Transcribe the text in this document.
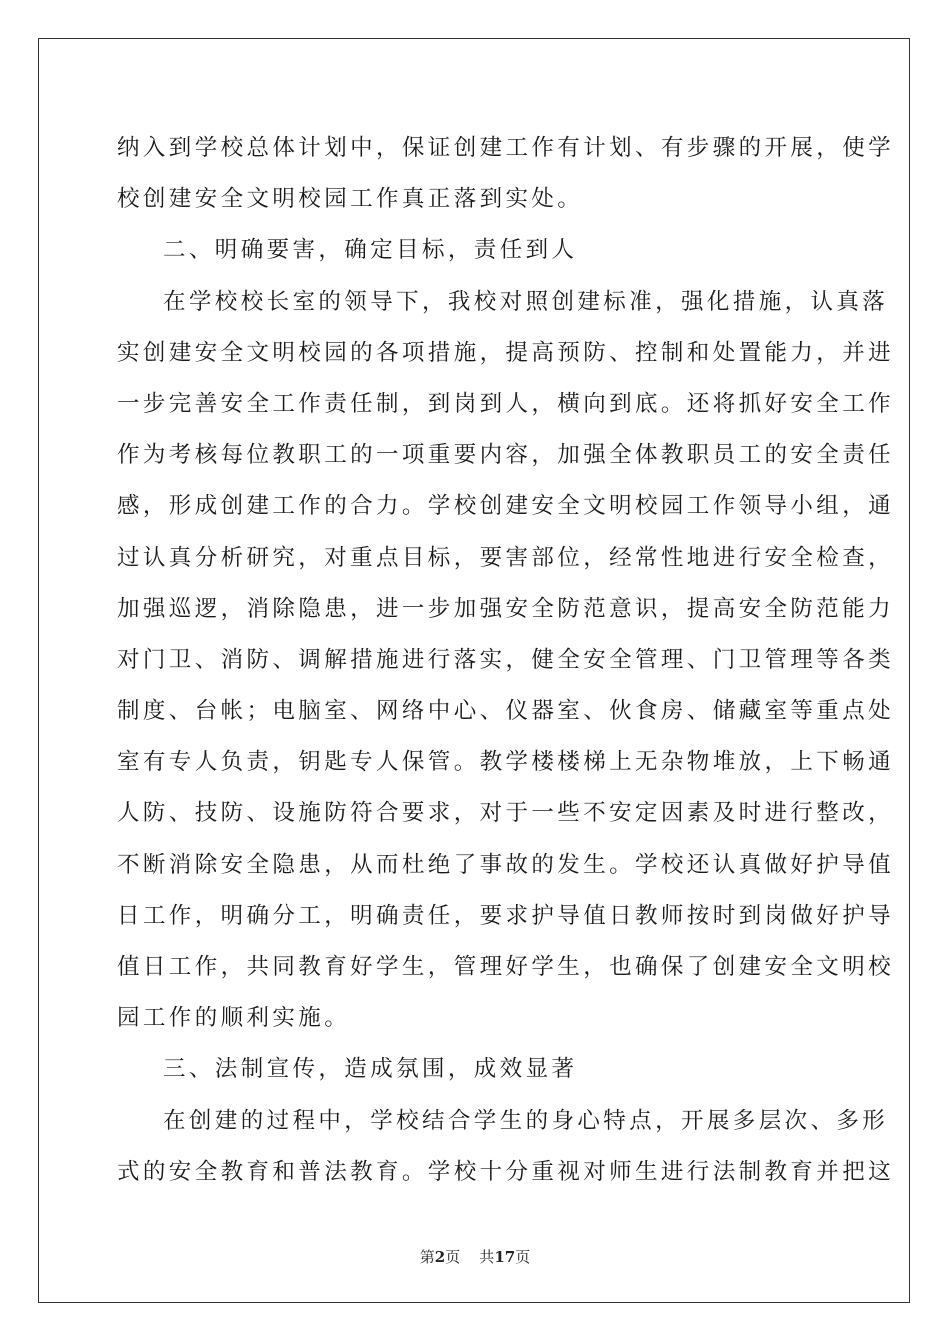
纳入到学校总体计划中，保证创建工作有计划、有步骤的开展，使学
校创建安全文明校园工作真正落到实处。
二、明确要害，确定目标，责任到人
在学校校长室的领导下，我校对照创建标准，强化措施，认真落
实创建安全文明校园的各项措施，提高预防、控制和处置能力，并进
一步完善安全工作责任制，到岗到人，横向到底。还将抓好安全工作
作为考核每位教职工的一项重要内容，加强全体教职员工的安全责任
感，形成创建工作的合力。学校创建安全文明校园工作领导小组，通
过认真分析研究，对重点目标，要害部位，经常性地进行安全检查，
加强巡逻，消除隐患，进一步加强安全防范意识，提高安全防范能力
对门卫、消防、调解措施进行落实，健全安全管理、门卫管理等各类
制度、台帐；电脑室、网络中心、仪器室、伙食房、储藏室等重点处
室有专人负责，钥匙专人保管。教学楼楼梯上无杂物堆放，上下畅通
人防、技防、设施防符合要求，对于一些不安定因素及时进行整改，
不断消除安全隐患，从而杜绝了事故的发生。学校还认真做好护导值
日工作，明确分工，明确责任，要求护导值日教师按时到岗做好护导
值日工作，共同教育好学生，管理好学生，也确保了创建安全文明校
园工作的顺利实施。
三、法制宣传，造成氛围，成效显著
在创建的过程中，学校结合学生的身心特点，开展多层次、多形
式的安全教育和普法教育。学校十分重视对师生进行法制教育并把这
第2页    共17页
